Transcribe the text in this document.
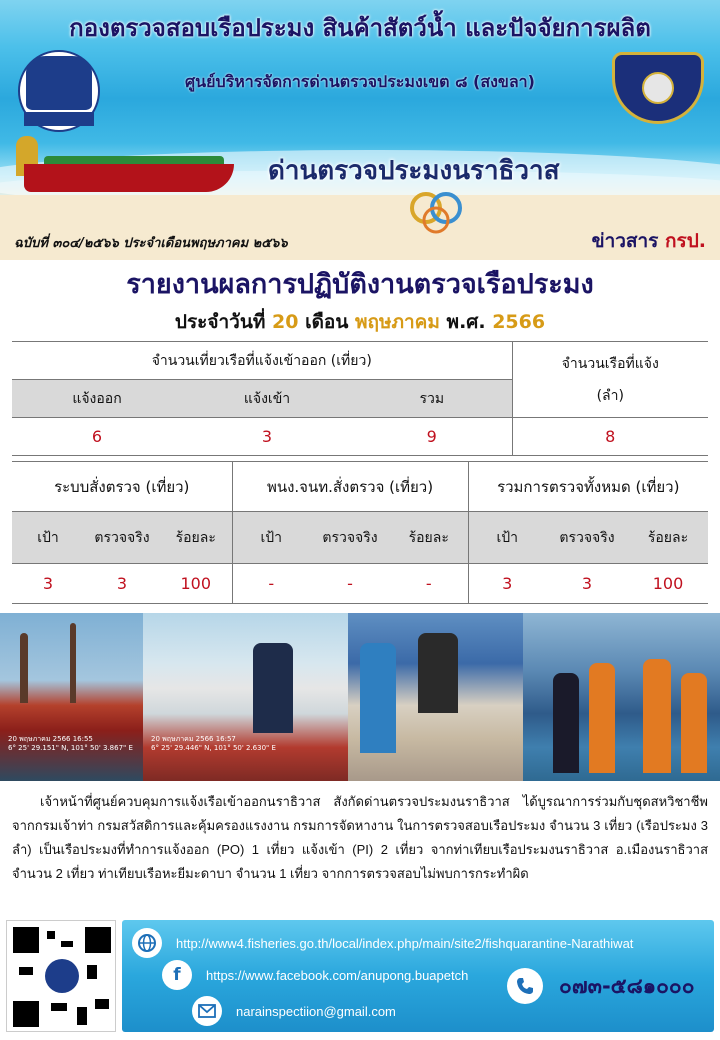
กองตรวจสอบเรือประมง สินค้าสัตว์น้ำ และปัจจัยการผลิต
ศูนย์บริหารจัดการด่านตรวจประมงเขต ๘ (สงขลา)
ด่านตรวจประมงนราธิวาส
ฉบับที่ ๓๐๔/๒๕๖๖ ประจำเดือนพฤษภาคม ๒๕๖๖	ข่าวสาร กรป.
รายงานผลการปฏิบัติงานตรวจเรือประมง
ประจำวันที่ 20 เดือน พฤษภาคม พ.ศ. 2566
จำนวนเที่ยวเรือที่แจ้งเข้าออก (เที่ยว)			จำนวนเรือที่แจ้ง
(ลำ)

แจ้งออก	แจ้งเข้า	รวม	
6	3	9	8
ระบบสั่งตรวจ (เที่ยว)			พนง.จนท.สั่งตรวจ (เที่ยว)			รวมการตรวจทั้งหมด (เที่ยว)		
เป้า	ตรวจจริง	ร้อยละ	เป้า	ตรวจจริง	ร้อยละ	เป้า	ตรวจจริง	ร้อยละ
3	3	100	-	-	-	3	3	100
20 พฤษภาคม 2566 16:55
6° 25' 29.151" N, 101° 50' 3.867" E
20 พฤษภาคม 2566 16:57
6° 25' 29.446" N, 101° 50' 2.630" E
เจ้าหน้าที่ศูนย์ควบคุมการแจ้งเรือเข้าออกนราธิวาส สังกัดด่านตรวจประมงนราธิวาส ได้บูรณาการร่วมกับชุดสหวิชาชีพ จากกรมเจ้าท่า กรมสวัสดิการและคุ้มครองแรงงาน กรมการจัดหางาน ในการตรวจสอบเรือประมง จำนวน 3 เที่ยว (เรือประมง 3 ลำ) เป็นเรือประมงที่ทำการแจ้งออก (PO) 1 เที่ยว แจ้งเข้า (PI) 2 เที่ยว จากท่าเทียบเรือประมงนราธิวาส อ.เมืองนราธิวาส จำนวน 2 เที่ยว ท่าเทียบเรือหะยีมะดาบา จำนวน 1 เที่ยว จากการตรวจสอบไม่พบการกระทำผิด
http://www4.fisheries.go.th/local/index.php/main/site2/fishquarantine-Narathiwat
f	https://www.facebook.com/anupong.buapetch
narainspectiion@gmail.com
๐๗๓-๕๘๑๐๐๐
